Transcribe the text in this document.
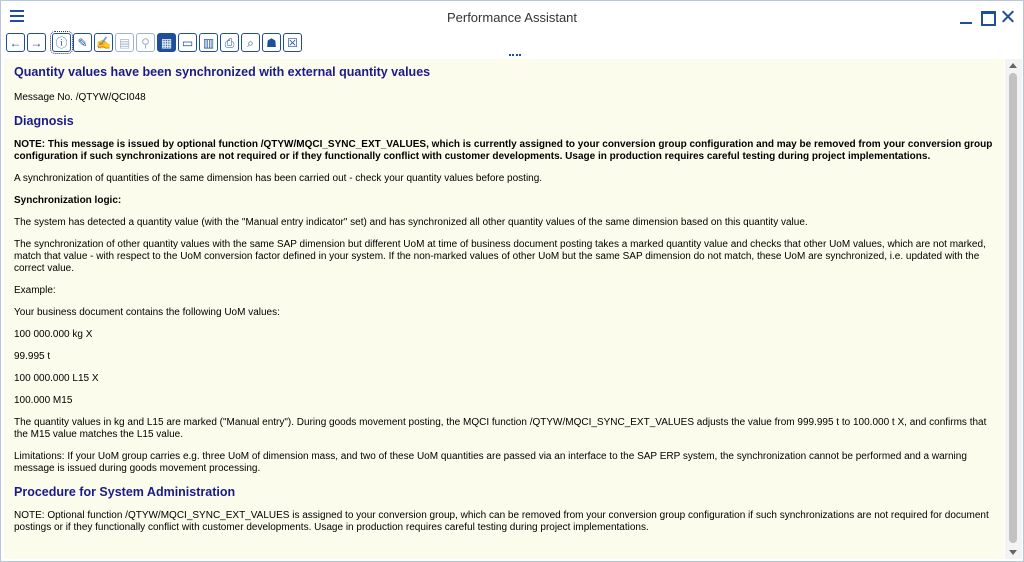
Performance Assistant
← → ⓘ ✎ ✍ ▤ ⚲ ▦ ▭ ▥ ⎙	⌕	☗ ☒
Quantity values have been synchronized with external quantity values

Message No. /QTYW/QCI048

Diagnosis

NOTE: This message is issued by optional function /QTYW/MQCI_SYNC_EXT_VALUES, which is currently assigned to your conversion group configuration and may be removed from your conversion group configuration if such synchronizations are not required or if they functionally conflict with customer developments. Usage in production requires careful testing during project implementations.

A synchronization of quantities of the same dimension has been carried out - check your quantity values before posting.

Synchronization logic:

The system has detected a quantity value (with the "Manual entry indicator" set) and has synchronized all other quantity values of the same dimension based on this quantity value.

The synchronization of other quantity values with the same SAP dimension but different UoM at time of business document posting takes a marked quantity value and checks that other UoM values, which are not marked, match that value - with respect to the UoM conversion factor defined in your system. If the non-marked values of other UoM but the same SAP dimension do not match, these UoM are synchronized, i.e. updated with the correct value.

Example:

Your business document contains the following UoM values:

100 000.000 kg X

99.995 t

100 000.000 L15 X

100.000 M15

The quantity values in kg and L15 are marked ("Manual entry"). During goods movement posting, the MQCI function /QTYW/MQCI_SYNC_EXT_VALUES adjusts the value from 999.995 t to 100.000 t X, and confirms that the M15 value matches the L15 value.

Limitations: If your UoM group carries e.g. three UoM of dimension mass, and two of these UoM quantities are passed via an interface to the SAP ERP system, the synchronization cannot be performed and a warning message is issued during goods movement processing.

Procedure for System Administration

NOTE: Optional function /QTYW/MQCI_SYNC_EXT_VALUES is assigned to your conversion group, which can be removed from your conversion group configuration if such synchronizations are not required for document postings or if they functionally conflict with customer developments. Usage in production requires careful testing during project implementations.
